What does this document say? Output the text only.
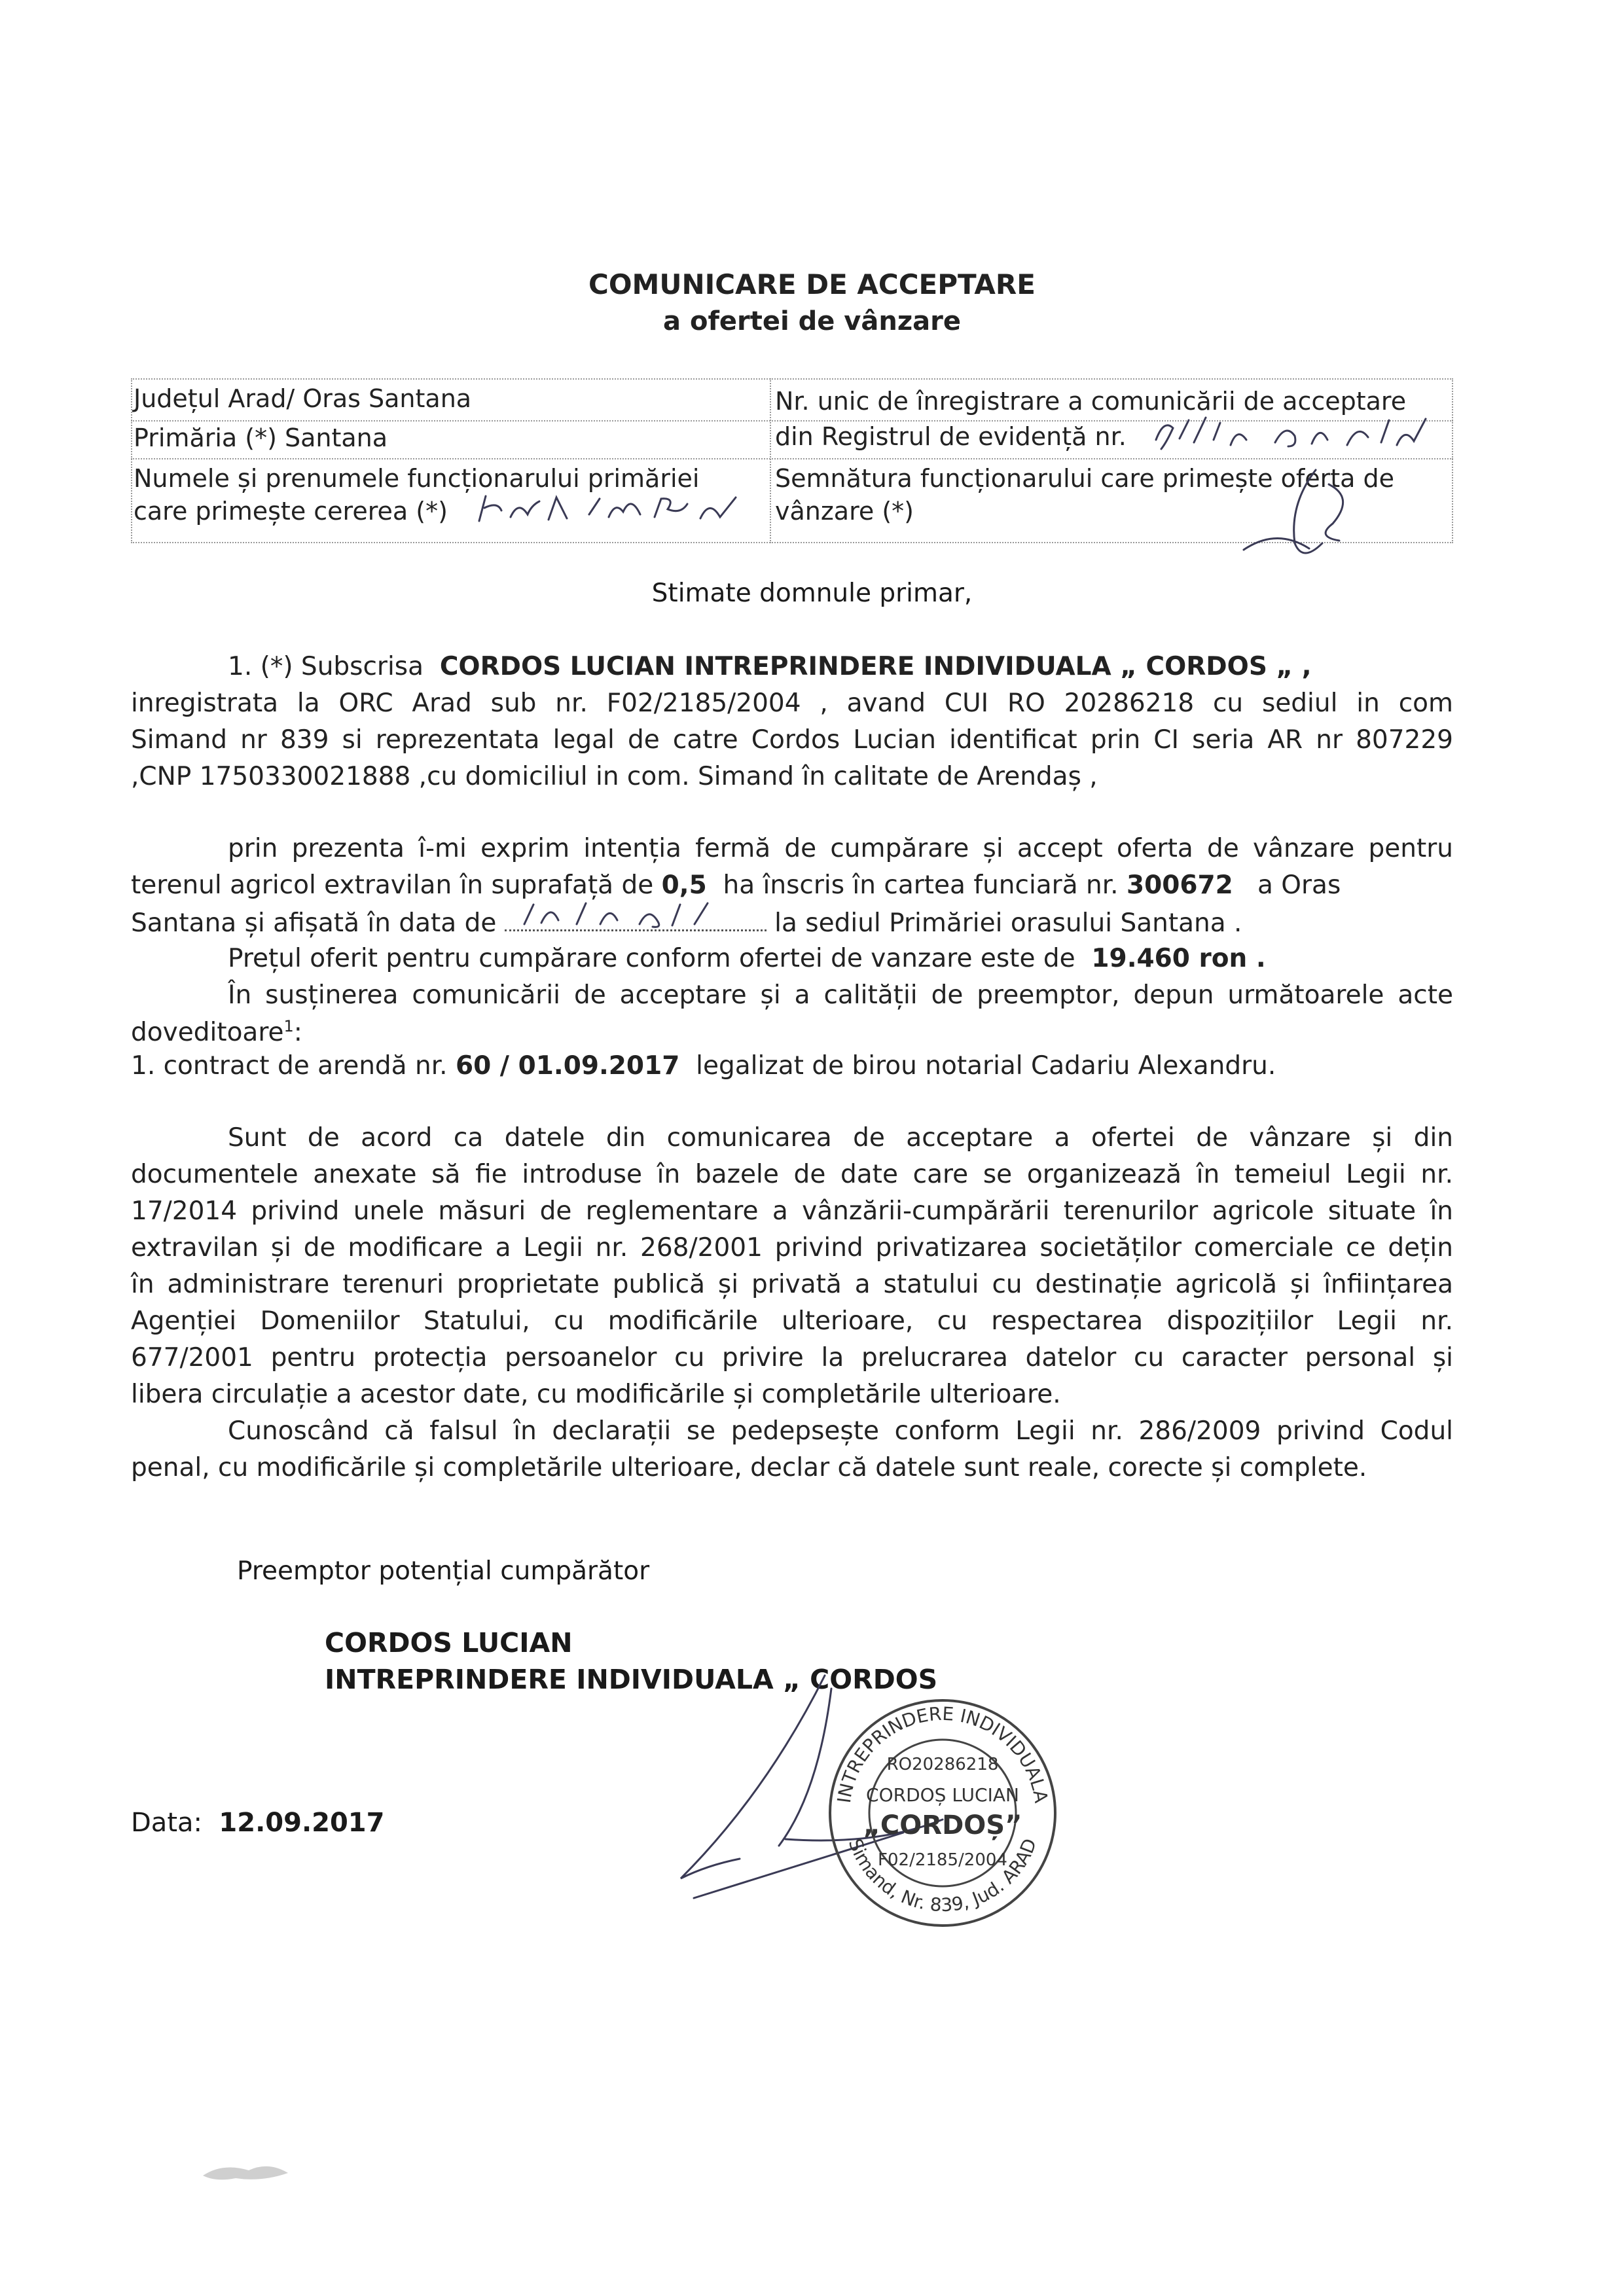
COMUNICARE DE ACCEPTARE
a ofertei de vânzare
Județul Arad/ Oras Santana
Primăria (*) Santana
Numele și prenumele funcționarului primăriei
care primește cererea (*)
Nr. unic de înregistrare a comunicării de acceptare
din Registrul de evidență nr.
Semnătura funcționarului care primește oferta de
vânzare (*)
Stimate domnule primar,
1. (*) Subscrisa CORDOS LUCIAN INTREPRINDERE INDIVIDUALA „ CORDOS „ ,
inregistrata la ORC Arad sub nr. F02/2185/2004 , avand CUI RO 20286218 cu sediul in com
Simand nr 839 si reprezentata legal de catre Cordos Lucian identificat prin CI seria AR nr 807229
,CNP 1750330021888 ,cu domiciliul in com. Simand în calitate de Arendaș ,
prin prezenta î-mi exprim intenția fermă de cumpărare și accept oferta de vânzare pentru
terenul agricol extravilan în suprafață de 0,5 ha înscris în cartea funciară nr. 300672 a Oras
Santana și afișată în data de	la sediul Primăriei orasului Santana .
Prețul oferit pentru cumpărare conform ofertei de vanzare este de 19.460 ron .
În susținerea comunicării de acceptare și a calității de preemptor, depun următoarele acte
doveditoare$^1$:
1. contract de arendă nr. 60 / 01.09.2017 legalizat de birou notarial Cadariu Alexandru.
Sunt de acord ca datele din comunicarea de acceptare a ofertei de vânzare și din
documentele anexate să fie introduse în bazele de date care se organizează în temeiul Legii nr.
17/2014 privind unele măsuri de reglementare a vânzării-cumpărării terenurilor agricole situate în
extravilan și de modificare a Legii nr. 268/2001 privind privatizarea societăților comerciale ce dețin
în administrare terenuri proprietate publică și privată a statului cu destinație agricolă și înființarea
Agenției Domeniilor Statului, cu modificările ulterioare, cu respectarea dispozițiilor Legii nr.
677/2001 pentru protecția persoanelor cu privire la prelucrarea datelor cu caracter personal și
libera circulație a acestor date, cu modificările și completările ulterioare.
Cunoscând că falsul în declarații se pedepsește conform Legii nr. 286/2009 privind Codul
penal, cu modificările și completările ulterioare, declar că datele sunt reale, corecte și complete.
Preemptor potențial cumpărător
CORDOS LUCIAN
INTREPRINDERE INDIVIDUALA „ CORDOS
Data: 12.09.2017
INTREPRINDERE INDIVIDUALA
Simand, Nr. 839, Jud. ARAD
RO20286218
CORDOȘ LUCIAN
„CORDOȘ”
F02/2185/2004
